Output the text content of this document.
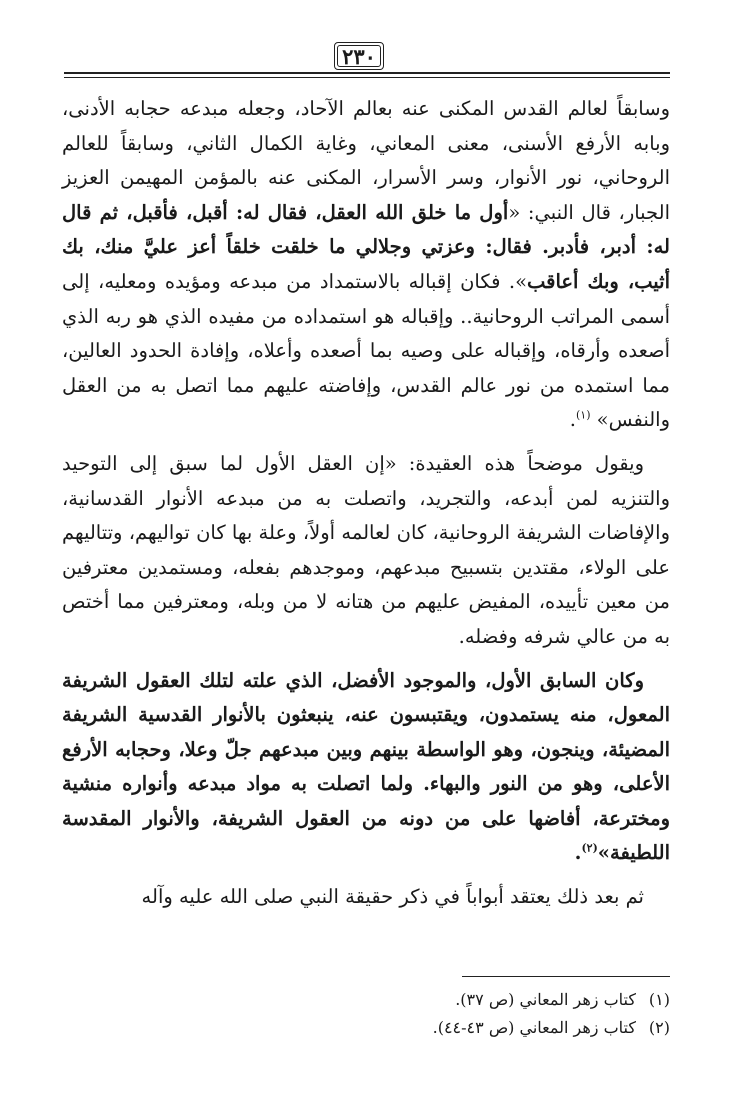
٢٣٠

وسابقاً لعالم القدس المكنى عنه بعالم الآحاد، وجعله مبدعه حجابه الأدنى، وبابه الأرفع الأسنى، معنى المعاني، وغاية الكمال الثاني، وسابقاً للعالم الروحاني، نور الأنوار، وسر الأسرار، المكنى عنه بالمؤمن المهيمن العزيز الجبار، قال النبي: «أول ما خلق الله العقل، فقال له: أقبل، فأقبل، ثم قال له: أدبر، فأدبر. فقال: وعزتي وجلالي ما خلقت خلقاً أعز عليَّ منك، بك أثيب، وبك أعاقب». فكان إقباله بالاستمداد من مبدعه ومؤيده ومعليه، إلى أسمى المراتب الروحانية.. وإقباله هو استمداده من مفيده الذي هو ربه الذي أصعده وأرقاه، وإقباله على وصيه بما أصعده وأعلاه، وإفادة الحدود العالين، مما استمده من نور عالم القدس، وإفاضته عليهم مما اتصل به من العقل والنفس» $^{(١)}$.

ويقول موضحاً هذه العقيدة: «إن العقل الأول لما سبق إلى التوحيد والتنزيه لمن أبدعه، والتجريد، واتصلت به من مبدعه الأنوار القدسانية، والإفاضات الشريفة الروحانية، كان لعالمه أولاً، وعلة بها كان تواليهم، وتتاليهم على الولاء، مقتدين بتسبيح مبدعهم، وموجدهم بفعله، ومستمدين معترفين من معين تأييده، المفيض عليهم من هتانه لا من وبله، ومعترفين مما أختص به من عالي شرفه وفضله.

وكان السابق الأول، والموجود الأفضل، الذي علته لتلك العقول الشريفة المعول، منه يستمدون، ويقتبسون عنه، ينبعثون بالأنوار القدسية الشريفة المضيئة، وينجون، وهو الواسطة بينهم وبين مبدعهم جلّ وعلا، وحجابه الأرفع الأعلى، وهو من النور والبهاء. ولما اتصلت به مواد مبدعه وأنواره منشية ومخترعة، أفاضها على من دونه من العقول الشريفة، والأنوار المقدسة اللطيفة»$^{(٢)}$.

ثم بعد ذلك يعتقد أبواباً في ذكر حقيقة النبي صلى الله عليه وآله

(١)كتاب زهر المعاني (ص ٣٧).
(٢)كتاب زهر المعاني (ص ٤٣-٤٤).
